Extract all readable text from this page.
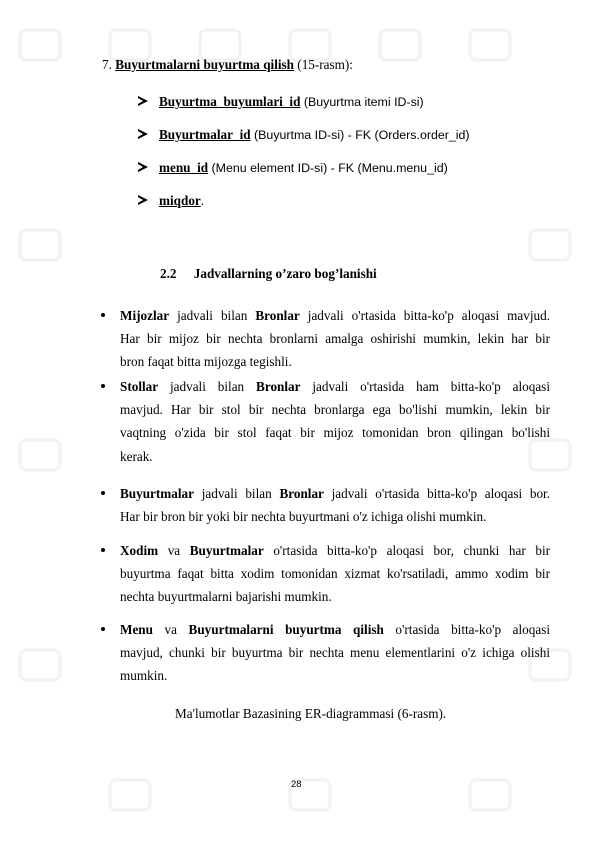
7. Buyurtmalarni buyurtma qilish (15-rasm):
Buyurtma_buyumlari_id (Buyurtma itemi ID-si)
Buyurtmalar_id (Buyurtma ID-si) - FK (Orders.order_id)
menu_id (Menu element ID-si) - FK (Menu.menu_id)
miqdor.
2.2 Jadvallarning o’zaro bog’lanishi
Mijozlar jadvali bilan Bronlar jadvali o'rtasida bitta-ko'p aloqasi mavjud.
Har bir mijoz bir nechta bronlarni amalga oshirishi mumkin, lekin har bir
bron faqat bitta mijozga tegishli.
Stollar jadvali bilan Bronlar jadvali o'rtasida ham bitta-ko'p aloqasi
mavjud. Har bir stol bir nechta bronlarga ega bo'lishi mumkin, lekin bir
vaqtning o'zida bir stol faqat bir mijoz tomonidan bron qilingan bo'lishi
kerak.
Buyurtmalar jadvali bilan Bronlar jadvali o'rtasida bitta-ko'p aloqasi bor.
Har bir bron bir yoki bir nechta buyurtmani o'z ichiga olishi mumkin.
Xodim va Buyurtmalar o'rtasida bitta-ko'p aloqasi bor, chunki har bir
buyurtma faqat bitta xodim tomonidan xizmat ko'rsatiladi, ammo xodim bir
nechta buyurtmalarni bajarishi mumkin.
Menu va Buyurtmalarni buyurtma qilish o'rtasida bitta-ko'p aloqasi
mavjud, chunki bir buyurtma bir nechta menu elementlarini o'z ichiga olishi
mumkin.
Ma'lumotlar Bazasining ER-diagrammasi (6-rasm).
28
